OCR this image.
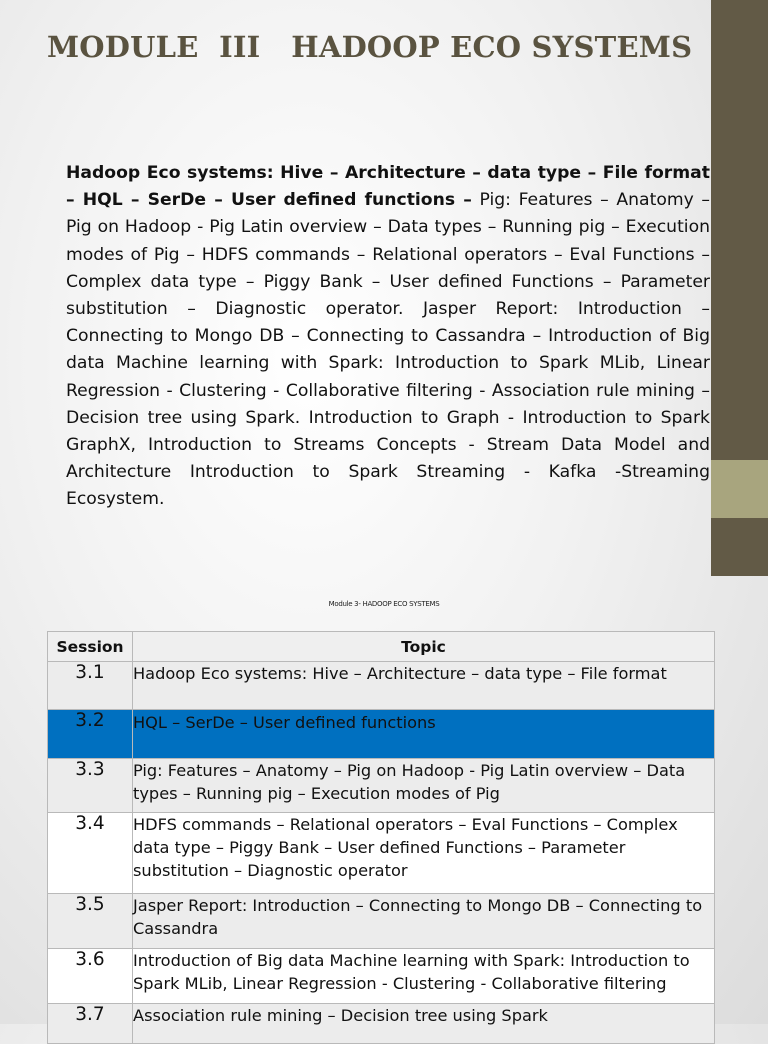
MODULE  III   HADOOP ECO SYSTEMS

Hadoop Eco systems: Hive – Architecture – data type – File format – HQL – SerDe – User defined functions – Pig: Features – Anatomy – Pig on Hadoop - Pig Latin overview – Data types – Running pig – Execution modes of Pig – HDFS commands – Relational operators – Eval Functions – Complex data type – Piggy Bank – User defined Functions – Parameter substitution – Diagnostic operator. Jasper Report: Introduction – Connecting to Mongo DB – Connecting to Cassandra – Introduction of Big data Machine learning with Spark: Introduction to Spark MLib, Linear Regression - Clustering - Collaborative filtering - Association rule mining – Decision tree using Spark. Introduction to Graph - Introduction to Spark GraphX, Introduction to Streams Concepts - Stream Data Model and Architecture Introduction to Spark Streaming - Kafka -Streaming Ecosystem.

Module 3- HADOOP ECO SYSTEMS
Session	Topic
3.1	Hadoop Eco systems: Hive – Architecture – data type – File format
3.2	HQL – SerDe – User defined functions
3.3	Pig: Features – Anatomy – Pig on Hadoop - Pig Latin overview – Data types – Running pig – Execution modes of Pig
3.4	HDFS commands – Relational operators – Eval Functions – Complex data type – Piggy Bank – User defined Functions – Parameter substitution – Diagnostic operator
3.5	Jasper Report: Introduction – Connecting to Mongo DB – Connecting to Cassandra
3.6	Introduction of Big data Machine learning with Spark: Introduction to Spark MLib, Linear Regression - Clustering - Collaborative filtering
3.7	Association rule mining – Decision tree using Spark
